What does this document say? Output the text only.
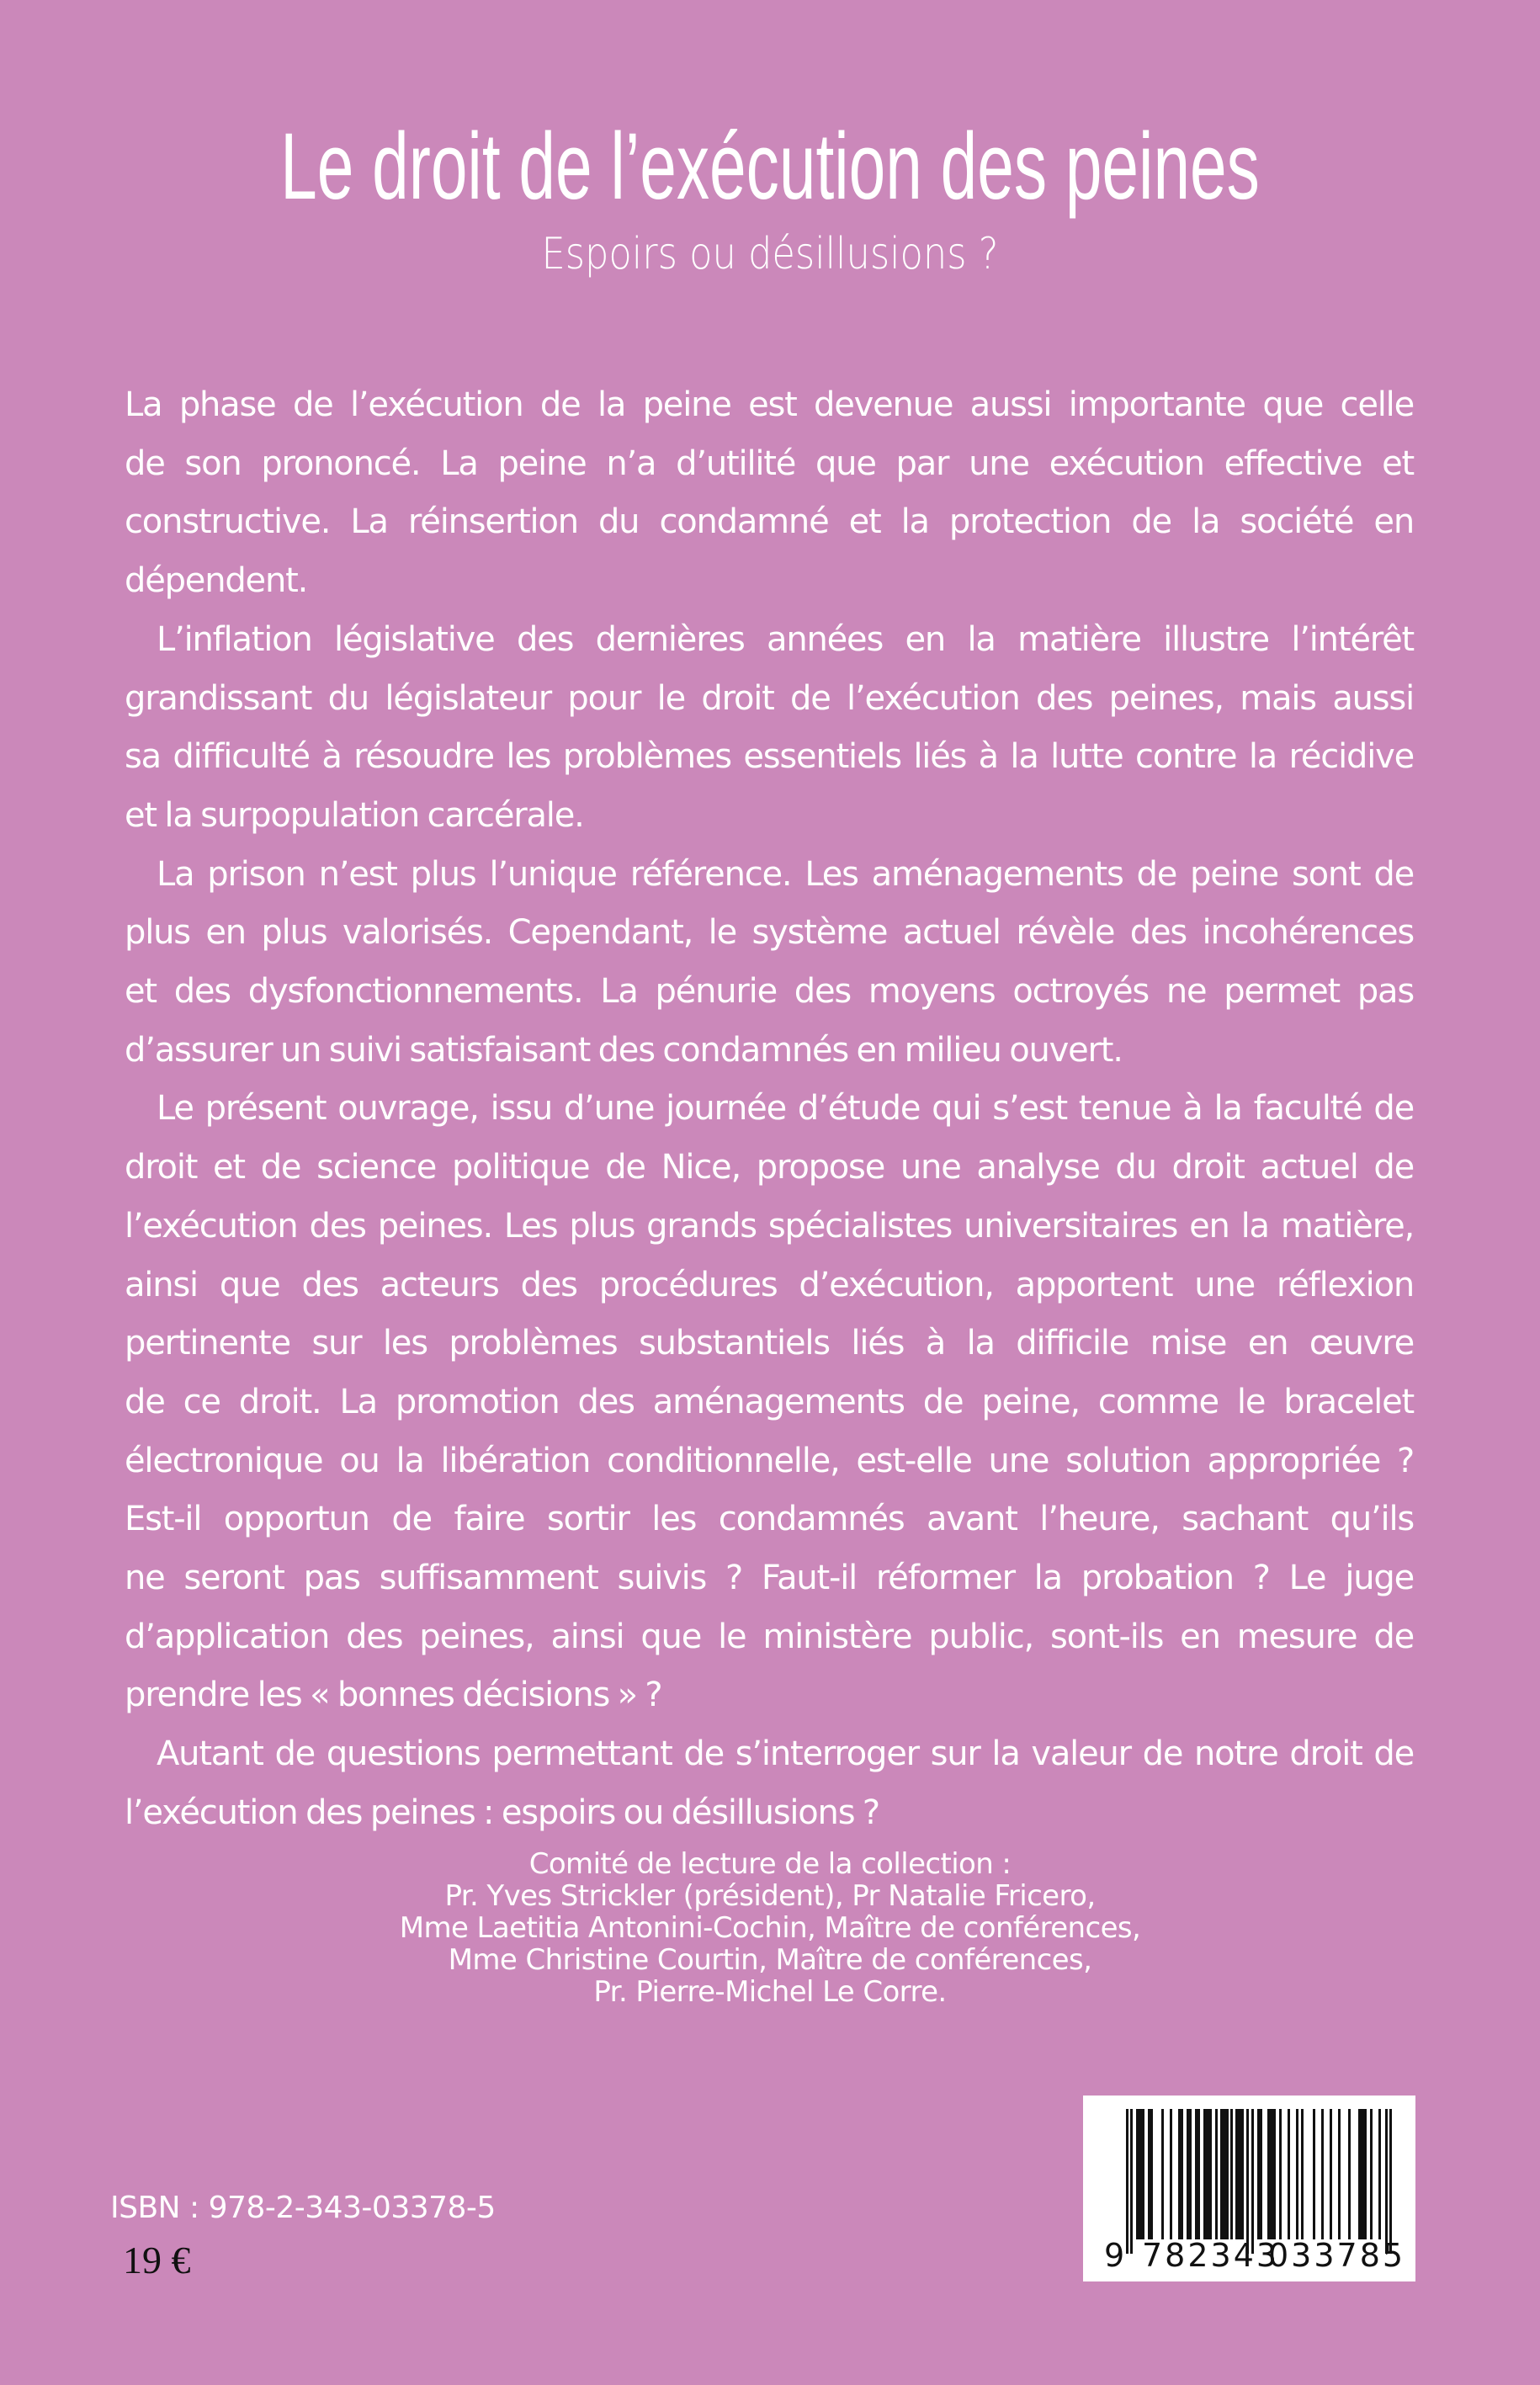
Le droit de l’exécution des peines
Espoirs ou désillusions ?

La phase de l’exécution de la peine est devenue aussi importante que celle
de son prononcé. La peine n’a d’utilité que par une exécution effective et
constructive. La réinsertion du condamné et la protection de la société en
dépendent.

L’inflation législative des dernières années en la matière illustre l’intérêt
grandissant du législateur pour le droit de l’exécution des peines, mais aussi
sa difficulté à résoudre les problèmes essentiels liés à la lutte contre la récidive
et la surpopulation carcérale.

La prison n’est plus l’unique référence. Les aménagements de peine sont de
plus en plus valorisés. Cependant, le système actuel révèle des incohérences
et des dysfonctionnements. La pénurie des moyens octroyés ne permet pas
d’assurer un suivi satisfaisant des condamnés en milieu ouvert.

Le présent ouvrage, issu d’une journée d’étude qui s’est tenue à la faculté de
droit et de science politique de Nice, propose une analyse du droit actuel de
l’exécution des peines. Les plus grands spécialistes universitaires en la matière,
ainsi que des acteurs des procédures d’exécution, apportent une réflexion
pertinente sur les problèmes substantiels liés à la difficile mise en œuvre
de ce droit. La promotion des aménagements de peine, comme le bracelet
électronique ou la libération conditionnelle, est-elle une solution appropriée ?
Est-il opportun de faire sortir les condamnés avant l’heure, sachant qu’ils
ne seront pas suffisamment suivis ? Faut-il réformer la probation ? Le juge
d’application des peines, ainsi que le ministère public, sont-ils en mesure de
prendre les « bonnes décisions » ?

Autant de questions permettant de s’interroger sur la valeur de notre droit de
l’exécution des peines : espoirs ou désillusions ?

Comité de lecture de la collection :
Pr. Yves Strickler (président), Pr Natalie Fricero,
Mme Laetitia Antonini-Cochin, Maître de conférences,
Mme Christine Courtin, Maître de conférences,
Pr. Pierre-Michel Le Corre.
ISBN : 978-2-343-03378-5
19 €	9 782343
033785
